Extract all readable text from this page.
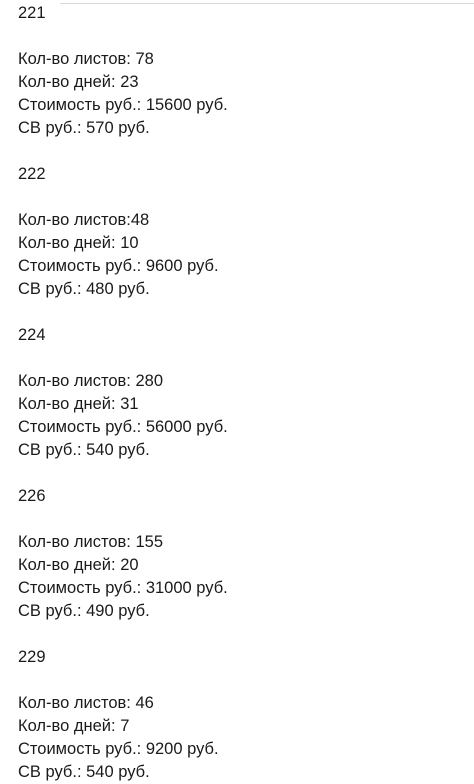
221
Кол-во листов: 78
Кол-во дней: 23
Стоимость руб.: 15600 руб.
СВ руб.: 570 руб.
222
Кол-во листов:48
Кол-во дней: 10
Стоимость руб.: 9600 руб.
СВ руб.: 480 руб.
224
Кол-во листов: 280
Кол-во дней: 31
Стоимость руб.: 56000 руб.
СВ руб.: 540 руб.
226
Кол-во листов: 155
Кол-во дней: 20
Стоимость руб.: 31000 руб.
СВ руб.: 490 руб.
229
Кол-во листов: 46
Кол-во дней: 7
Стоимость руб.: 9200 руб.
СВ руб.: 540 руб.
